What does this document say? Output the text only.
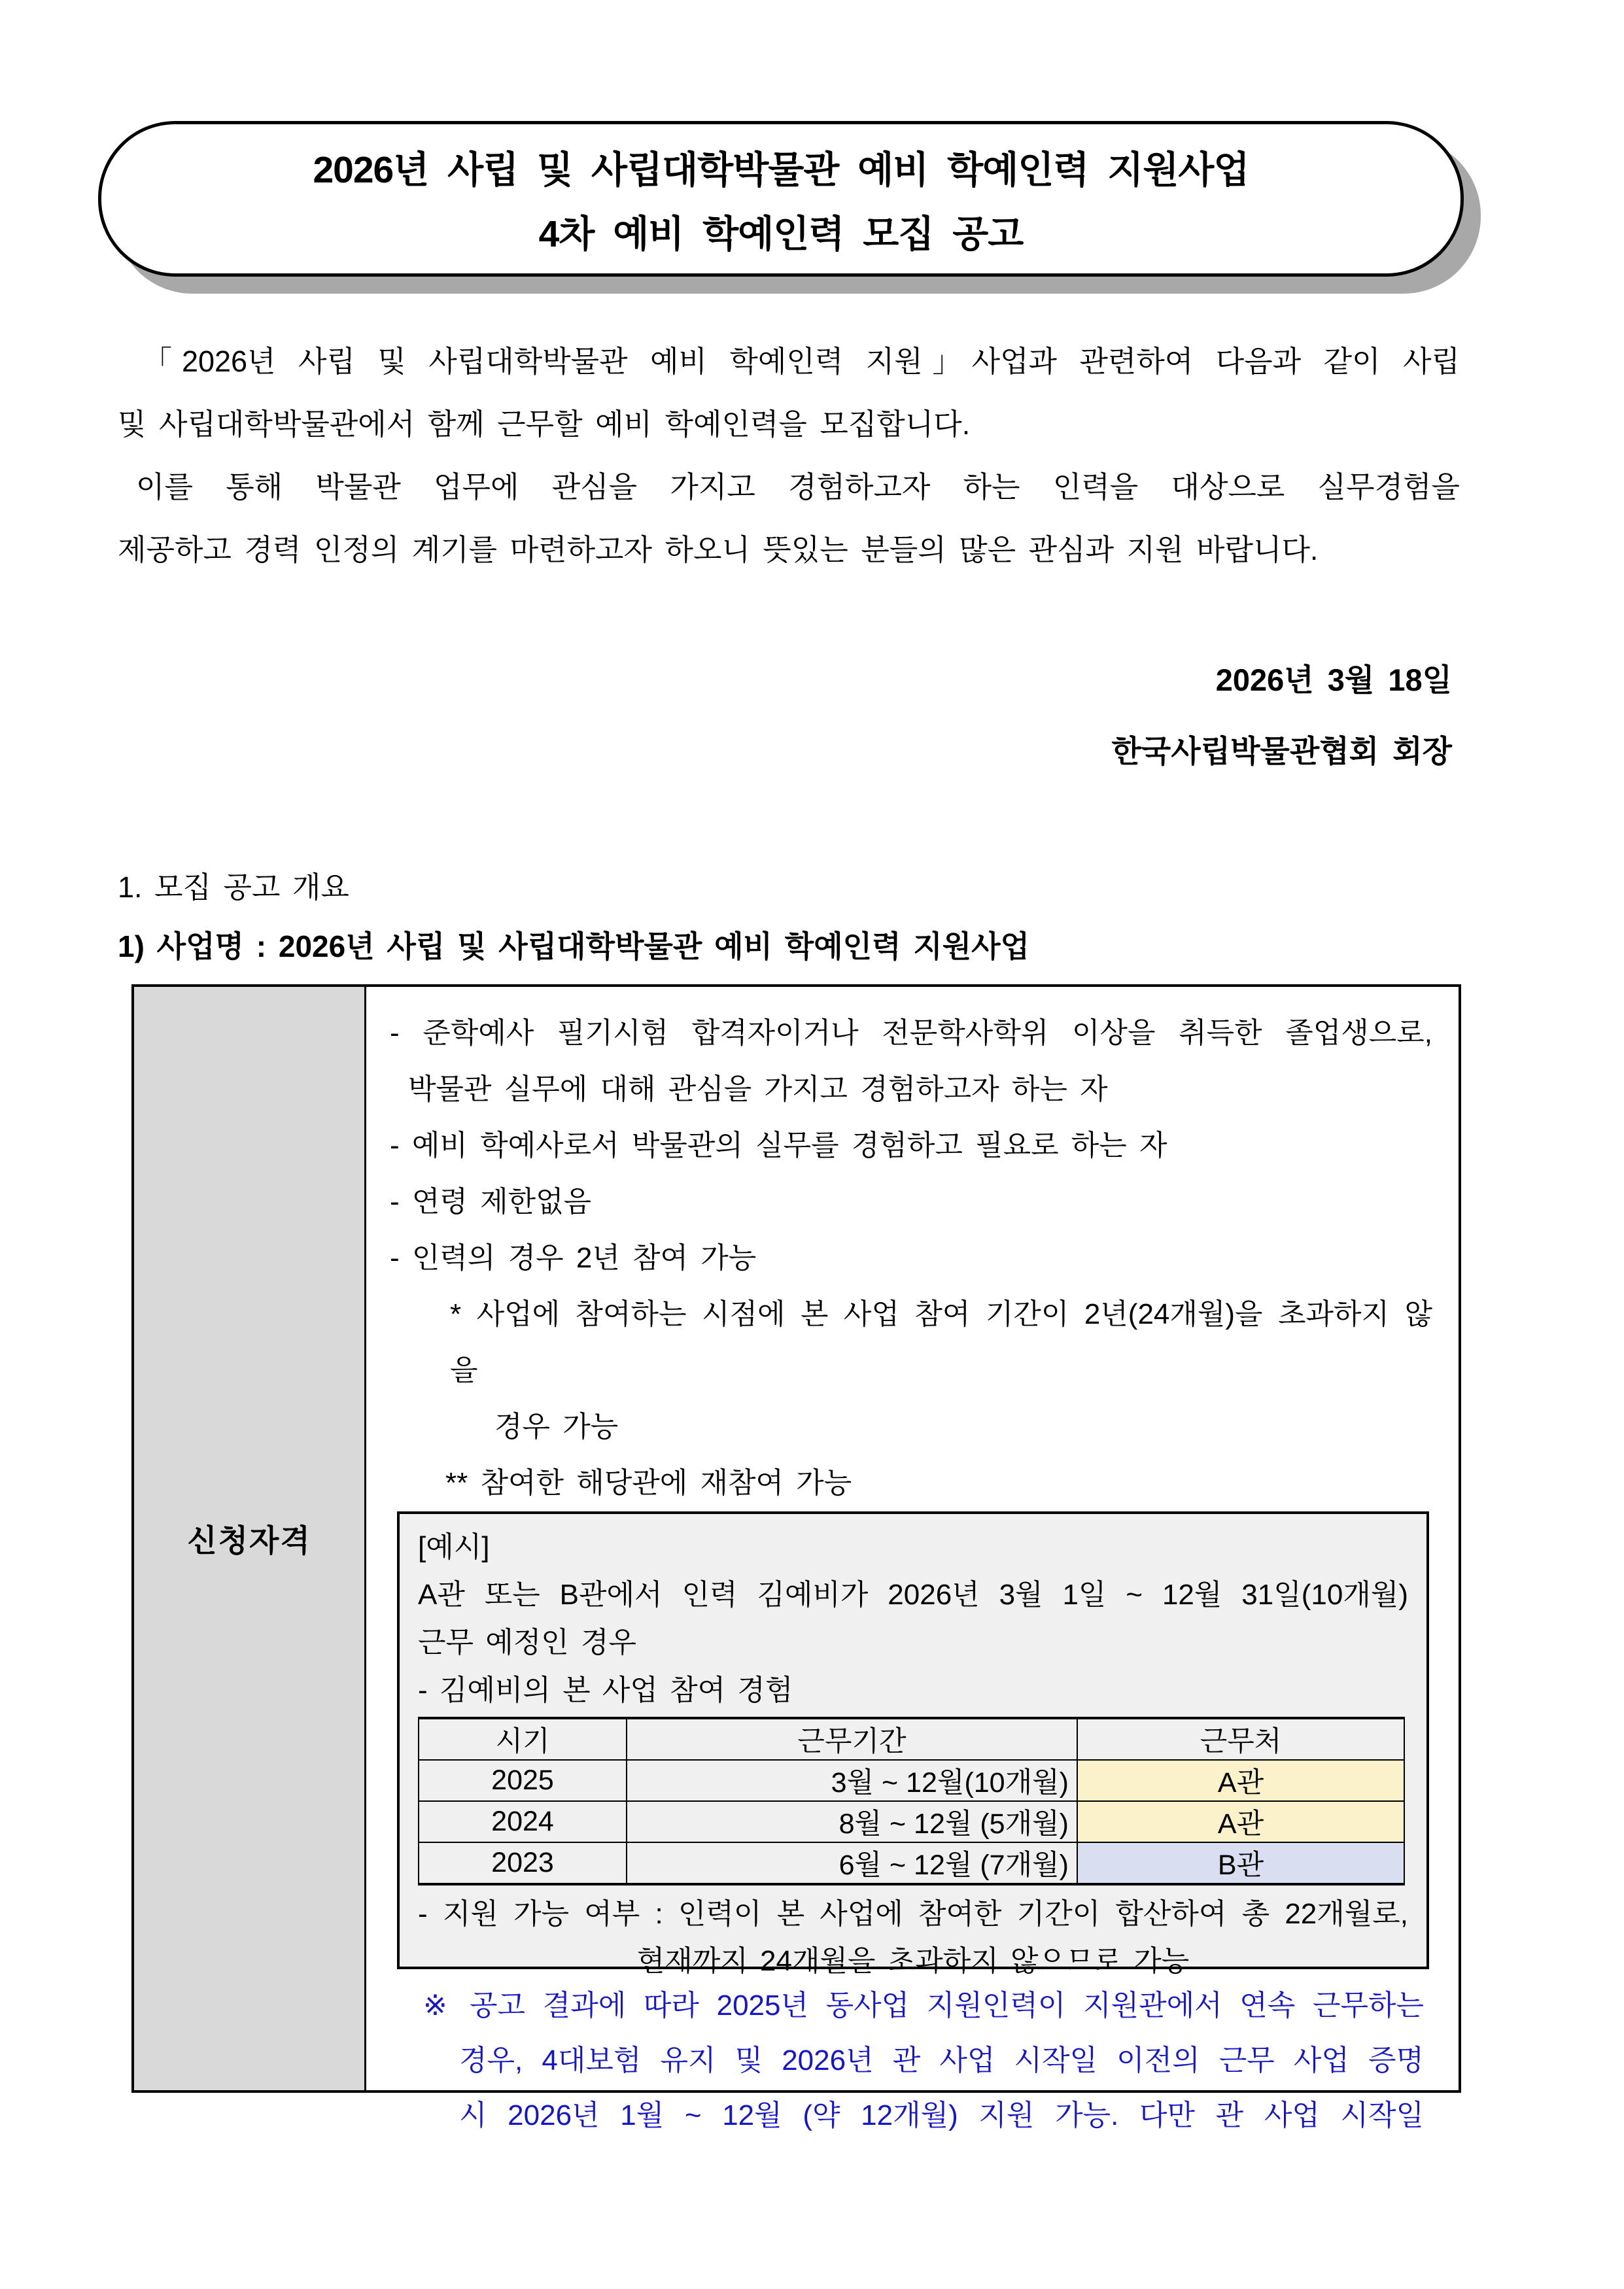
2026년 사립 및 사립대학박물관 예비 학예인력 지원사업
4차 예비 학예인력 모집 공고
「2026년 사립 및 사립대학박물관 예비 학예인력 지원」사업과 관련하여 다음과 같이 사립
및 사립대학박물관에서 함께 근무할 예비 학예인력을 모집합니다.
이를 통해 박물관 업무에 관심을 가지고 경험하고자 하는 인력을 대상으로 실무경험을
제공하고 경력 인정의 계기를 마련하고자 하오니 뜻있는 분들의 많은 관심과 지원 바랍니다.
2026년 3월 18일
한국사립박물관협회 회장
1. 모집 공고 개요
1) 사업명 : 2026년 사립 및 사립대학박물관 예비 학예인력 지원사업
신청자격
- 준학예사 필기시험 합격자이거나 전문학사학위 이상을 취득한 졸업생으로,
박물관 실무에 대해 관심을 가지고 경험하고자 하는 자
- 예비 학예사로서 박물관의 실무를 경험하고 필요로 하는 자
- 연령 제한없음
- 인력의 경우 2년 참여 가능
* 사업에 참여하는 시점에 본 사업 참여 기간이 2년(24개월)을 초과하지 않을
경우 가능
** 참여한 해당관에 재참여 가능
[예시]
A관 또는 B관에서 인력 김예비가 2026년 3월 1일 ~ 12월 31일(10개월)
근무 예정인 경우
- 김예비의 본 사업 참여 경험
시기	근무기간	근무처
2025	3월 ~ 12월(10개월)	A관
2024	8월 ~ 12월 (5개월)	A관
2023	6월 ~ 12월 (7개월)	B관
- 지원 가능 여부 : 인력이 본 사업에 참여한 기간이 합산하여 총 22개월로,
현재까지 24개월을 초과하지 않으므로 가능
※ 공고 결과에 따라 2025년 동사업 지원인력이 지원관에서 연속 근무하는
경우, 4대보험 유지 및 2026년 관 사업 시작일 이전의 근무 사업 증명
시 2026년 1월 ~ 12월 (약 12개월) 지원 가능. 다만 관 사업 시작일
